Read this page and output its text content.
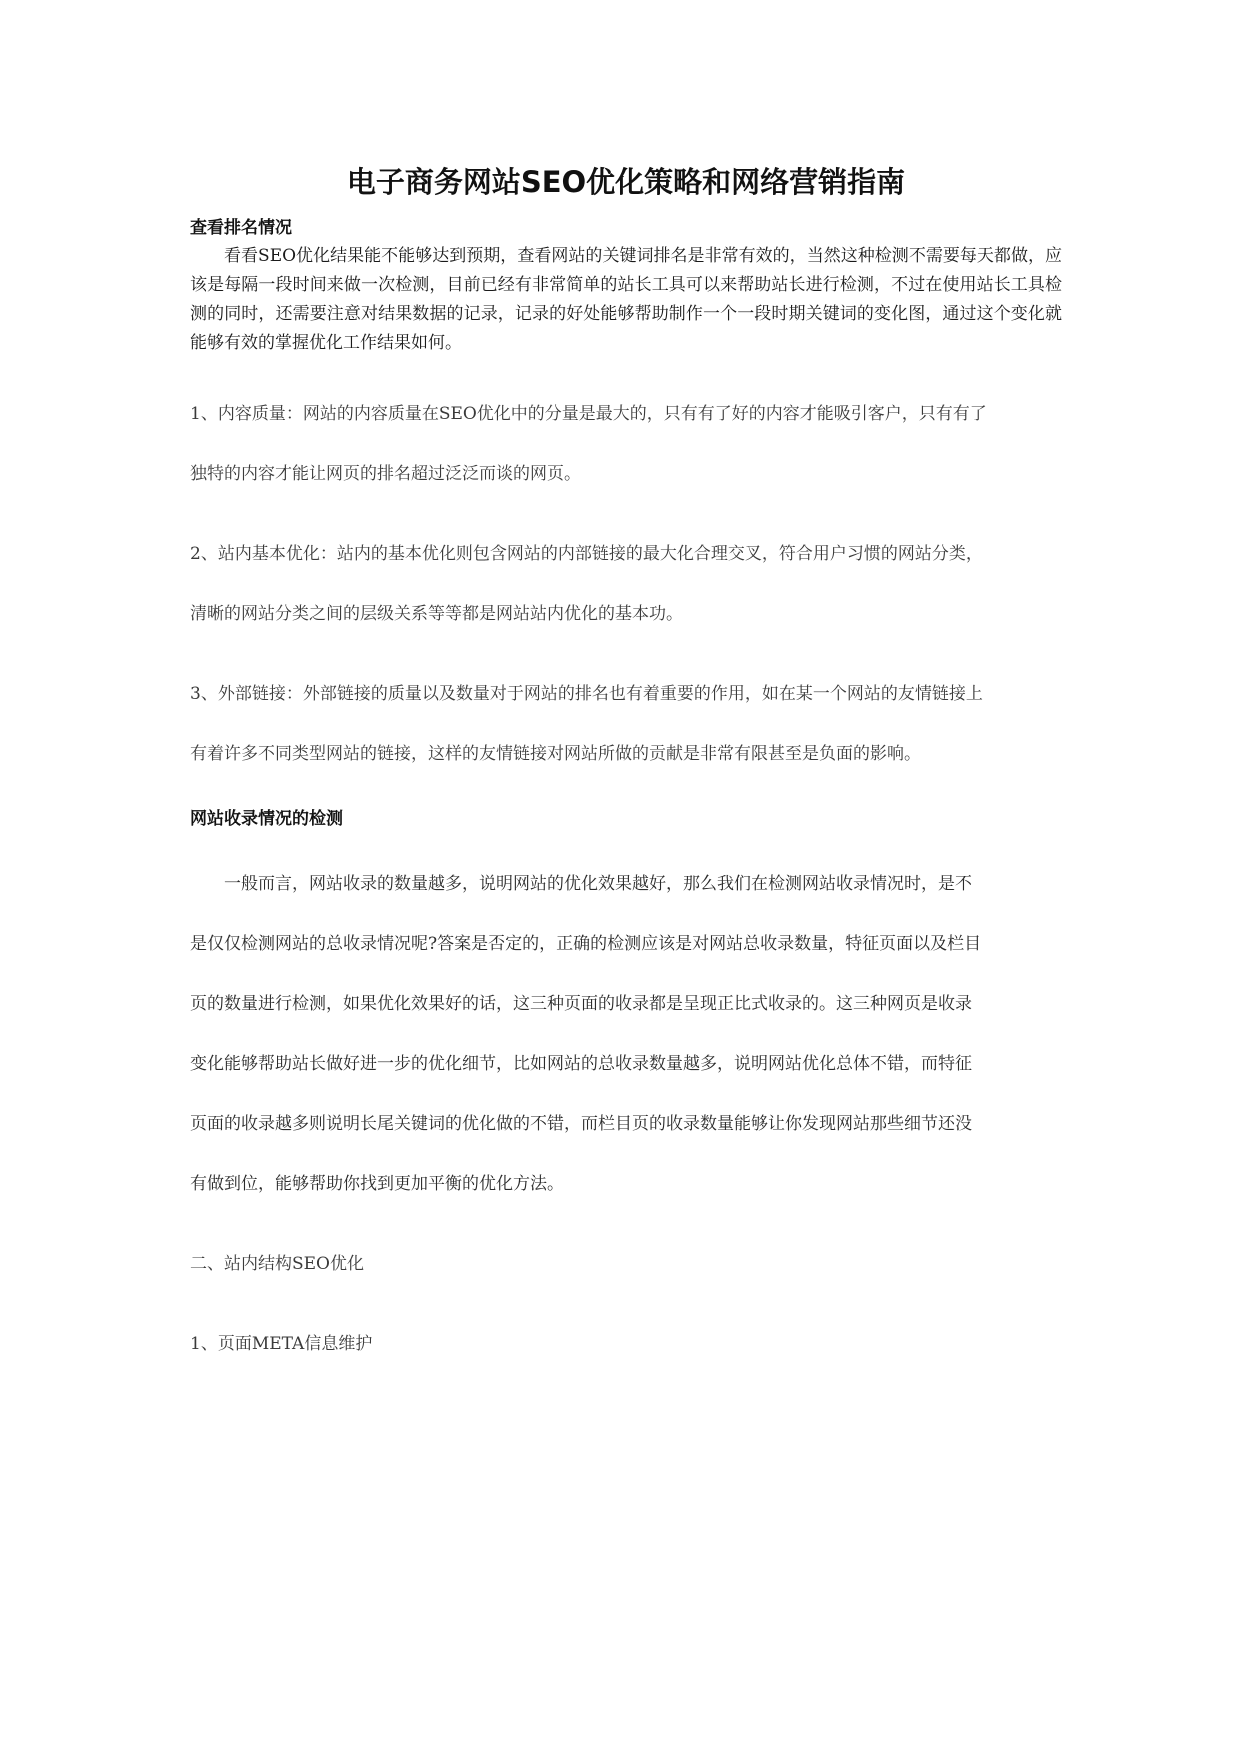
电子商务网站SEO优化策略和网络营销指南
查看排名情况

看看SEO优化结果能不能够达到预期，查看网站的关键词排名是非常有效的，当然这种检测不需要每天都做，应该是每隔一段时间来做一次检测，目前已经有非常简单的站长工具可以来帮助站长进行检测，不过在使用站长工具检测的同时，还需要注意对结果数据的记录，记录的好处能够帮助制作一个一段时期关键词的变化图，通过这个变化就能够有效的掌握优化工作结果如何。

1、内容质量：网站的内容质量在SEO优化中的分量是最大的，只有有了好的内容才能吸引客户，只有有了
独特的内容才能让网页的排名超过泛泛而谈的网页。

2、站内基本优化：站内的基本优化则包含网站的内部链接的最大化合理交叉，符合用户习惯的网站分类，
清晰的网站分类之间的层级关系等等都是网站站内优化的基本功。

3、外部链接：外部链接的质量以及数量对于网站的排名也有着重要的作用，如在某一个网站的友情链接上
有着许多不同类型网站的链接，这样的友情链接对网站所做的贡献是非常有限甚至是负面的影响。

网站收录情况的检测

一般而言，网站收录的数量越多，说明网站的优化效果越好，那么我们在检测网站收录情况时，是不
是仅仅检测网站的总收录情况呢?答案是否定的，正确的检测应该是对网站总收录数量，特征页面以及栏目
页的数量进行检测，如果优化效果好的话，这三种页面的收录都是呈现正比式收录的。这三种网页是收录
变化能够帮助站长做好进一步的优化细节，比如网站的总收录数量越多，说明网站优化总体不错，而特征
页面的收录越多则说明长尾关键词的优化做的不错，而栏目页的收录数量能够让你发现网站那些细节还没
有做到位，能够帮助你找到更加平衡的优化方法。

二、站内结构SEO优化

1、页面META信息维护
